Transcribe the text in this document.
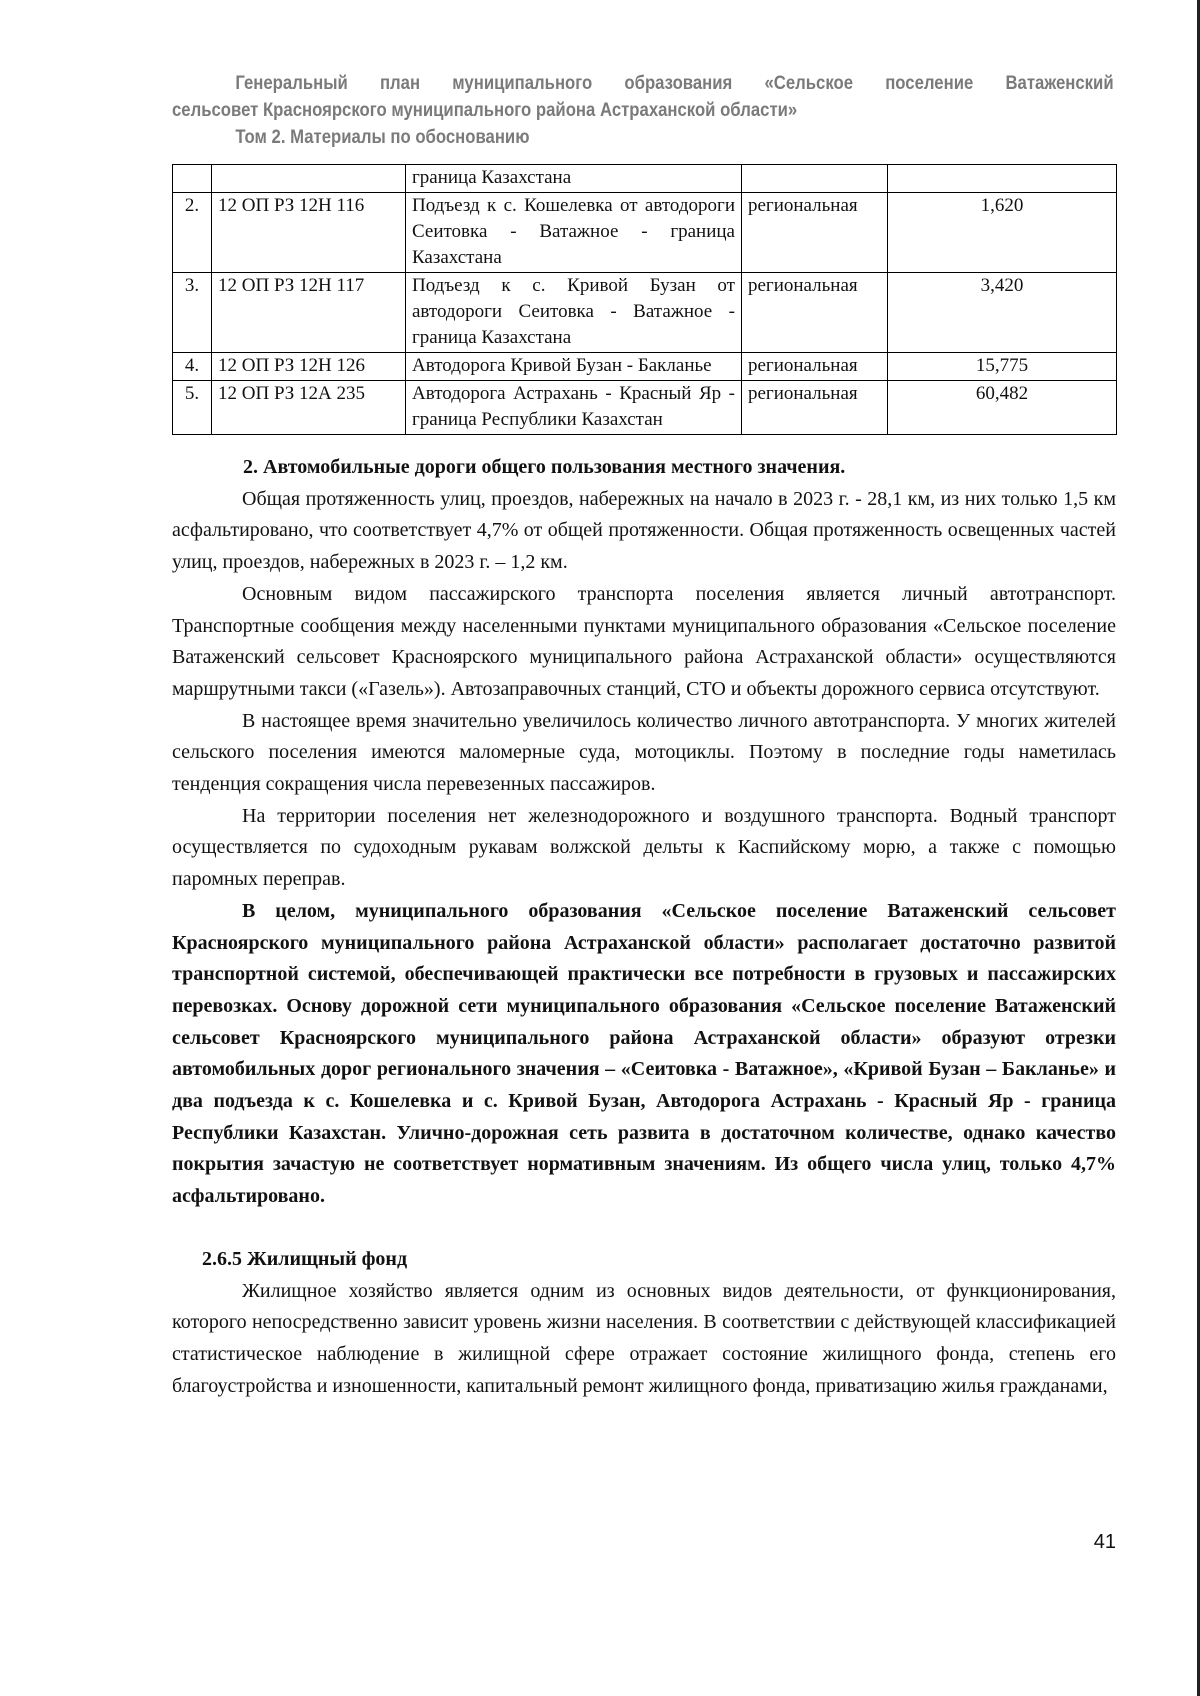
Генеральный план муниципального образования «Сельское поселение Ватаженский

сельсовет Красноярского муниципального района Астраханской области»

Том 2. Материалы по обоснованию

		граница Казахстана		
2.	12 ОП РЗ 12Н 116	Подъезд к с. Кошелевка от автодороги Сеитовка - Ватажное - граница Казахстана	региональная	1,620
3.	12 ОП РЗ 12Н 117	Подъезд к с. Кривой Бузан от автодороги Сеитовка - Ватажное - граница Казахстана	региональная	3,420
4.	12 ОП РЗ 12Н 126	Автодорога Кривой Бузан - Бакланье	региональная	15,775
5.	12 ОП РЗ 12А 235	Автодорога Астрахань - Красный Яр - граница Республики Казахстан	региональная	60,482

2. Автомобильные дороги общего пользования местного значения.

Общая протяженность улиц, проездов, набережных на начало в 2023 г. - 28,1 км, из них только 1,5 км асфальтировано, что соответствует 4,7% от общей протяженности. Общая протяженность освещенных частей улиц, проездов, набережных в 2023 г. – 1,2 км.

Основным видом пассажирского транспорта поселения является личный автотранспорт. Транспортные сообщения между населенными пунктами муниципального образования «Сельское поселение Ватаженский сельсовет Красноярского муниципального района Астраханской области» осуществляются маршрутными такси («Газель»). Автозаправочных станций, СТО и объекты дорожного сервиса отсутствуют.

В настоящее время значительно увеличилось количество личного автотранспорта. У многих жителей сельского поселения имеются маломерные суда, мотоциклы. Поэтому в последние годы наметилась тенденция сокращения числа перевезенных пассажиров.

На территории поселения нет железнодорожного и воздушного транспорта. Водный транспорт осуществляется по судоходным рукавам волжской дельты к Каспийскому морю, а также с помощью паромных переправ.

В целом, муниципального образования «Сельское поселение Ватаженский сельсовет Красноярского муниципального района Астраханской области» располагает достаточно развитой транспортной системой, обеспечивающей практически все потребности в грузовых и пассажирских перевозках. Основу дорожной сети муниципального образования «Сельское поселение Ватаженский сельсовет Красноярского муниципального района Астраханской области» образуют отрезки автомобильных дорог регионального значения – «Сеитовка - Ватажное», «Кривой Бузан – Бакланье» и два подъезда к с. Кошелевка и с. Кривой Бузан, Автодорога Астрахань - Красный Яр - граница Республики Казахстан. Улично-дорожная сеть развита в достаточном количестве, однако качество покрытия зачастую не соответствует нормативным значениям. Из общего числа улиц, только 4,7% асфальтировано.

2.6.5 Жилищный фонд

Жилищное хозяйство является одним из основных видов деятельности, от функционирования, которого непосредственно зависит уровень жизни населения. В соответствии с действующей классификацией статистическое наблюдение в жилищной сфере отражает состояние жилищного фонда, степень его благоустройства и изношенности, капитальный ремонт жилищного фонда, приватизацию жилья гражданами,

41
